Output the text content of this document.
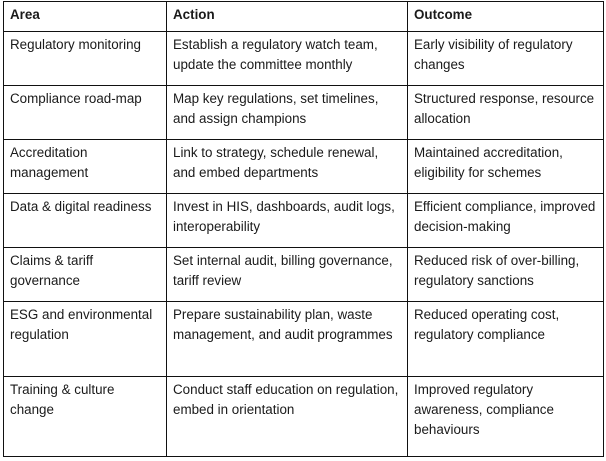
Area	Action	Outcome
Regulatory monitoring	Establish a regulatory watch team, update the committee monthly	Early visibility of regulatory changes
Compliance road-map	Map key regulations, set timelines, and assign champions	Structured response, resource allocation
Accreditation management	Link to strategy, schedule renewal, and embed departments	Maintained accreditation, eligibility for schemes
Data & digital readiness	Invest in HIS, dashboards, audit logs, interoperability	Efficient compliance, improved decision-making
Claims & tariff governance	Set internal audit, billing governance, tariff review	Reduced risk of over-billing, regulatory sanctions
ESG and environmental regulation	Prepare sustainability plan, waste management, and audit programmes	Reduced operating cost, regulatory compliance
Training & culture change	Conduct staff education on regulation, embed in orientation	Improved regulatory awareness, compliance behaviours
